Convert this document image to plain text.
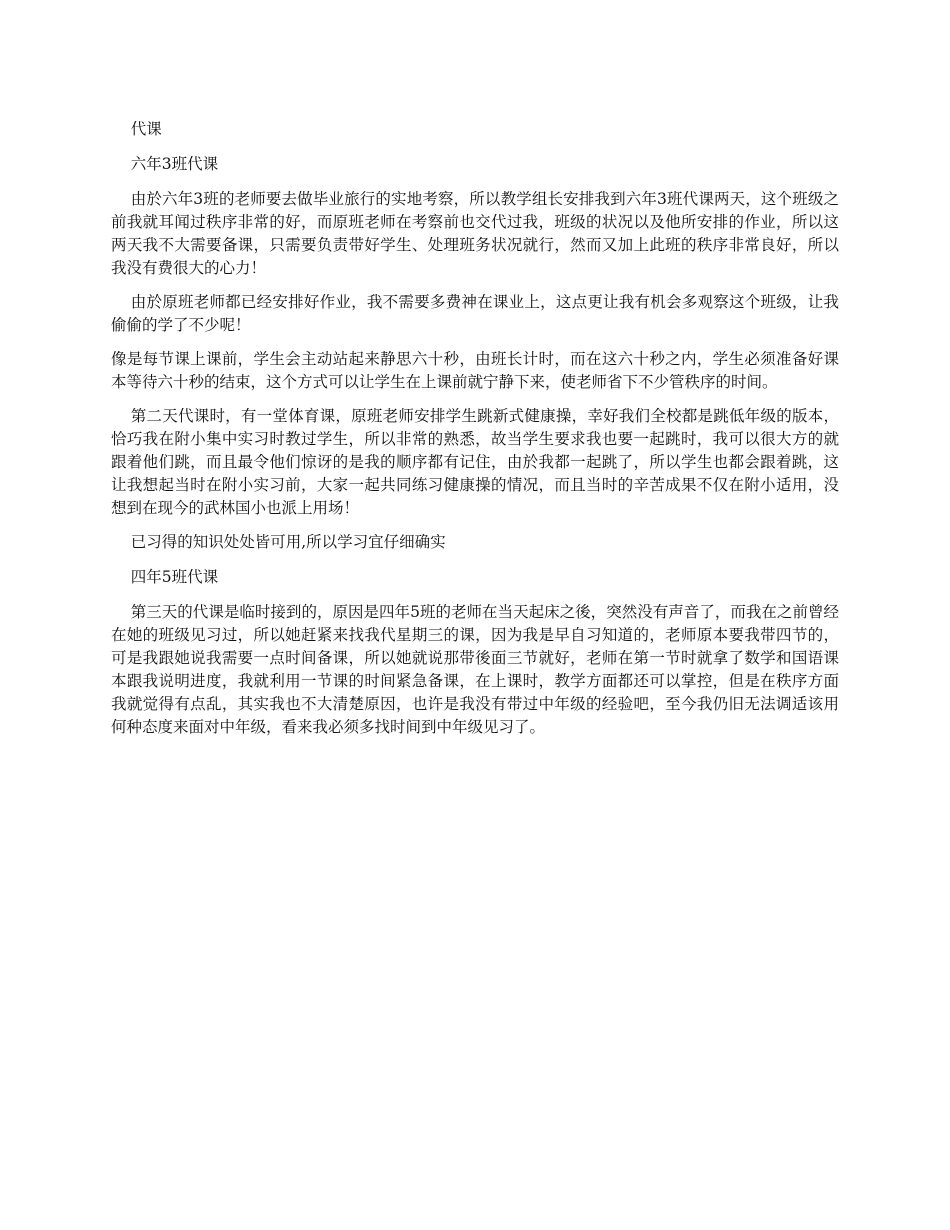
代课

六年3班代课

由於六年3班的老师要去做毕业旅行的实地考察，所以教学组长安排我到六年3班代课两天，这个班级之前我就耳闻过秩序非常的好，而原班老师在考察前也交代过我，班级的状况以及他所安排的作业，所以这两天我不大需要备课，只需要负责带好学生、处理班务状况就行，然而又加上此班的秩序非常良好，所以我没有费很大的心力！

由於原班老师都已经安排好作业，我不需要多费神在课业上，这点更让我有机会多观察这个班级，让我偷偷的学了不少呢！

像是每节课上课前，学生会主动站起来静思六十秒，由班长计时，而在这六十秒之内，学生必须准备好课本等待六十秒的结束，这个方式可以让学生在上课前就宁静下来，使老师省下不少管秩序的时间。

第二天代课时，有一堂体育课，原班老师安排学生跳新式健康操，幸好我们全校都是跳低年级的版本，恰巧我在附小集中实习时教过学生，所以非常的熟悉，故当学生要求我也要一起跳时，我可以很大方的就跟着他们跳，而且最令他们惊讶的是我的顺序都有记住，由於我都一起跳了，所以学生也都会跟着跳，这让我想起当时在附小实习前，大家一起共同练习健康操的情况，而且当时的辛苦成果不仅在附小适用，没想到在现今的武林国小也派上用场！

已习得的知识处处皆可用,所以学习宜仔细确实

四年5班代课

第三天的代课是临时接到的，原因是四年5班的老师在当天起床之後，突然没有声音了，而我在之前曾经在她的班级见习过，所以她赶紧来找我代星期三的课，因为我是早自习知道的，老师原本要我带四节的，可是我跟她说我需要一点时间备课，所以她就说那带後面三节就好，老师在第一节时就拿了数学和国语课本跟我说明进度，我就利用一节课的时间紧急备课，在上课时，教学方面都还可以掌控，但是在秩序方面我就觉得有点乱，其实我也不大清楚原因，也许是我没有带过中年级的经验吧，至今我仍旧无法调适该用何种态度来面对中年级，看来我必须多找时间到中年级见习了。
